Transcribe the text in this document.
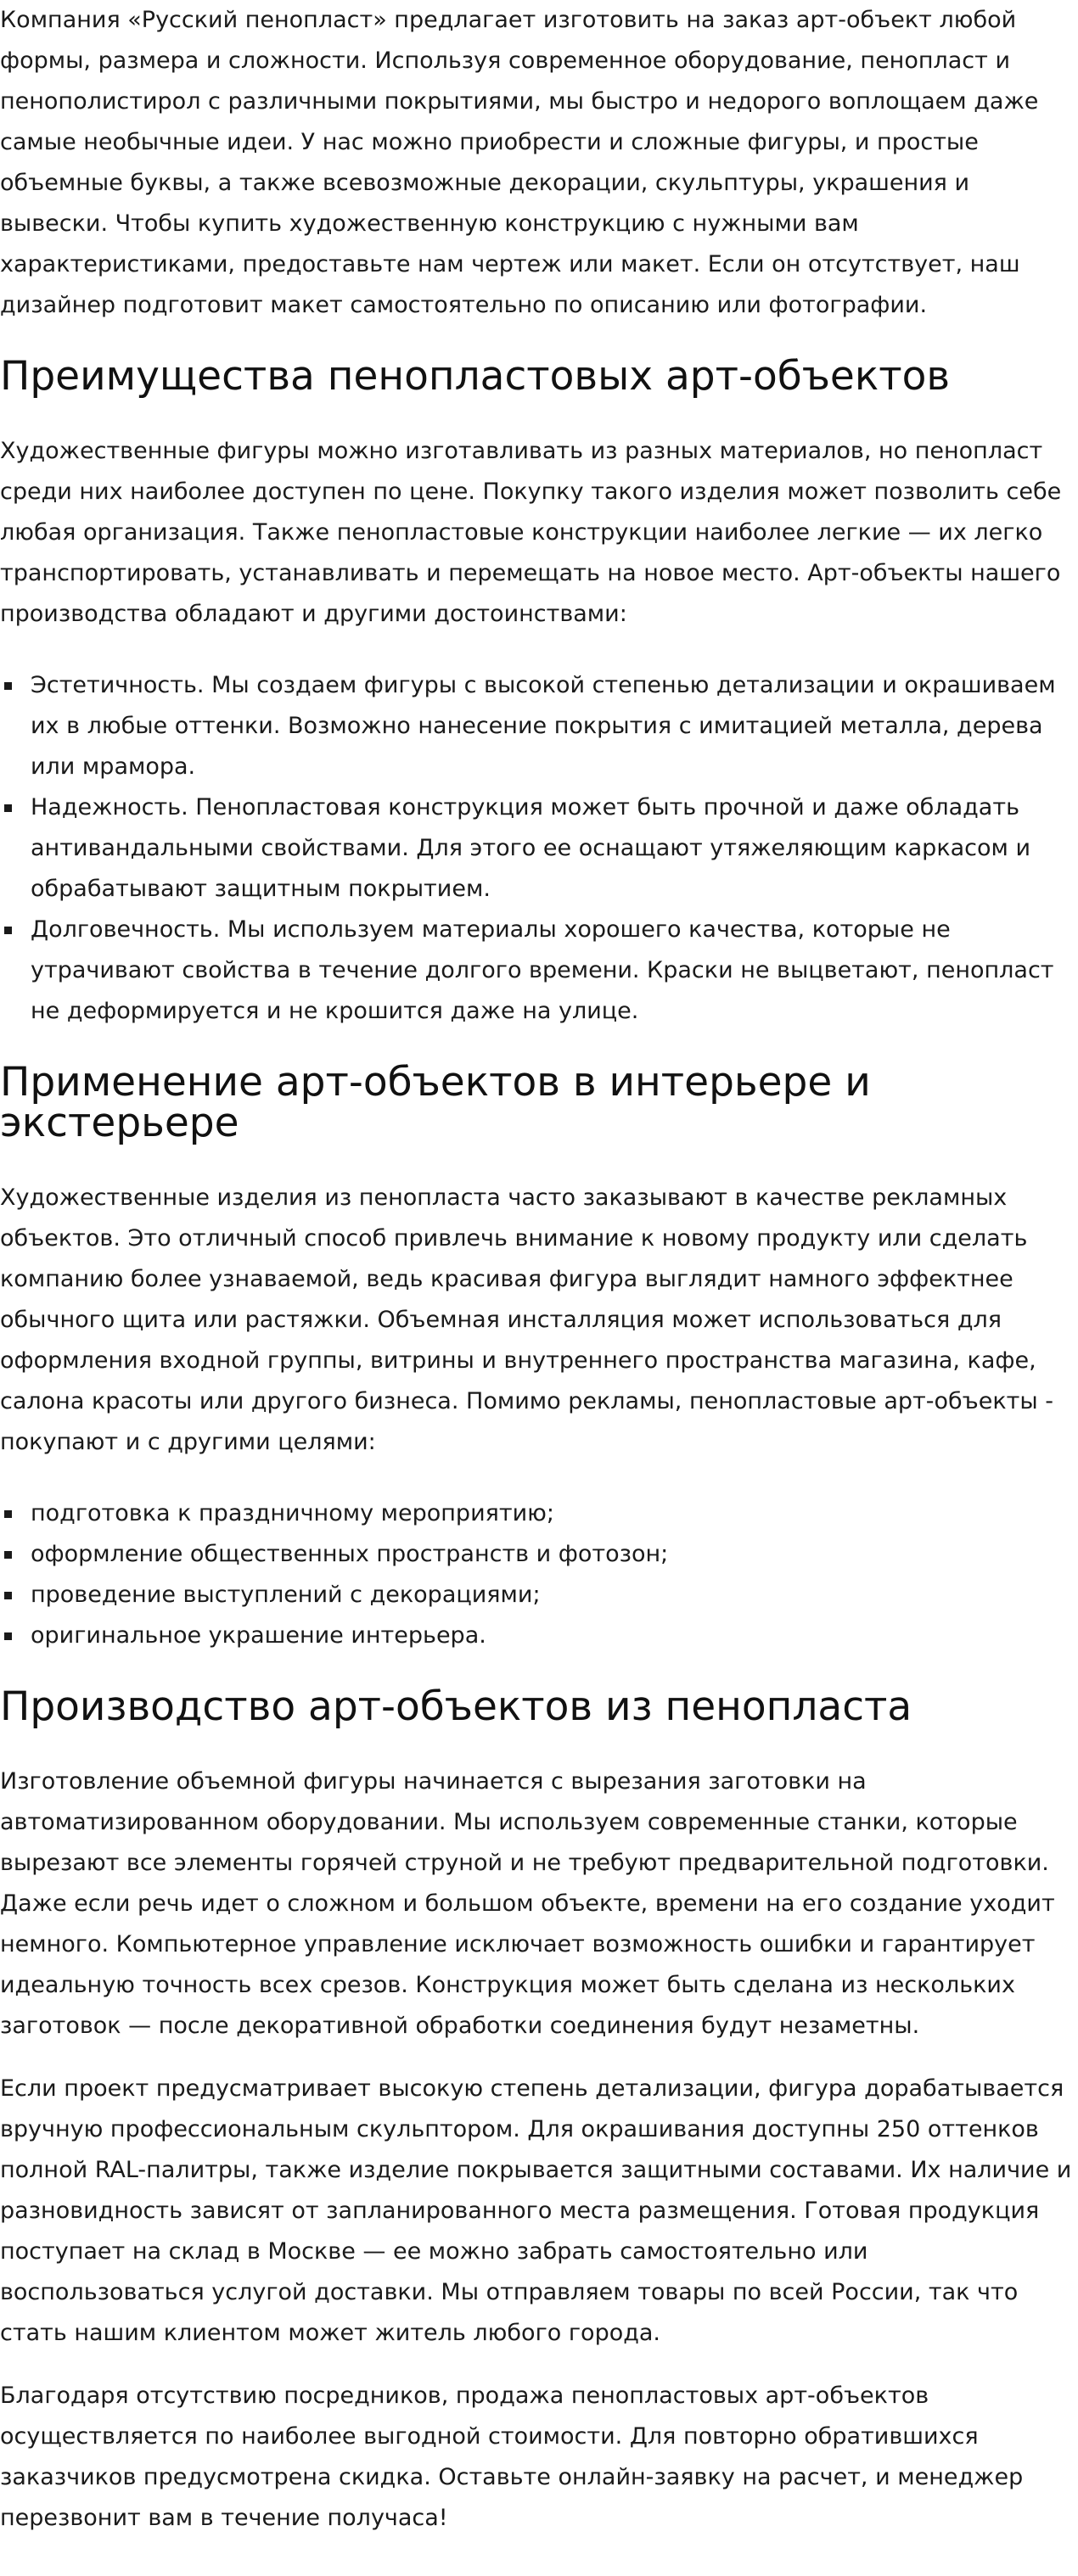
Компания «Русский пенопласт» предлагает изготовить на заказ арт-объект любой формы, размера и сложности. Используя современное оборудование, пенопласт и пенополистирол с различными покрытиями, мы быстро и недорого воплощаем даже самые необычные идеи. У нас можно приобрести и сложные фигуры, и простые объемные буквы, а также всевозможные декорации, скульптуры, украшения и вывески. Чтобы купить художественную конструкцию с нужными вам характеристиками, предоставьте нам чертеж или макет. Если он отсутствует, наш дизайнер подготовит макет самостоятельно по описанию или фотографии.

Преимущества пенопластовых арт-объектов

Художественные фигуры можно изготавливать из разных материалов, но пенопласт среди них наиболее доступен по цене. Покупку такого изделия может позволить себе любая организация. Также пенопластовые конструкции наиболее легкие — их легко транспортировать, устанавливать и перемещать на новое место. Арт-объекты нашего производства обладают и другими достоинствами:

Эстетичность. Мы создаем фигуры с высокой степенью детализации и окрашиваем их в любые оттенки. Возможно нанесение покрытия с имитацией металла, дерева или мрамора.
Надежность. Пенопластовая конструкция может быть прочной и даже обладать антивандальными свойствами. Для этого ее оснащают утяжеляющим каркасом и обрабатывают защитным покрытием.
Долговечность. Мы используем материалы хорошего качества, которые не утрачивают свойства в течение долгого времени. Краски не выцветают, пенопласт не деформируется и не крошится даже на улице.
Применение арт-объектов в интерьере и экстерьере

Художественные изделия из пенопласта часто заказывают в качестве рекламных объектов. Это отличный способ привлечь внимание к новому продукту или сделать компанию более узнаваемой, ведь красивая фигура выглядит намного эффектнее обычного щита или растяжки. Объемная инсталляция может использоваться для оформления входной группы, витрины и внутреннего пространства магазина, кафе, салона красоты или другого бизнеса. Помимо рекламы, пенопластовые арт-объекты - покупают и с другими целями:

подготовка к праздничному мероприятию;
оформление общественных пространств и фотозон;
проведение выступлений с декорациями;
оригинальное украшение интерьера.
Производство арт-объектов из пенопласта

Изготовление объемной фигуры начинается с вырезания заготовки на автоматизированном оборудовании. Мы используем современные станки, которые вырезают все элементы горячей струной и не требуют предварительной подготовки. Даже если речь идет о сложном и большом объекте, времени на его создание уходит немного. Компьютерное управление исключает возможность ошибки и гарантирует идеальную точность всех срезов. Конструкция может быть сделана из нескольких заготовок — после декоративной обработки соединения будут незаметны.

Если проект предусматривает высокую степень детализации, фигура дорабатывается вручную профессиональным скульптором. Для окрашивания доступны 250 оттенков полной RAL-палитры, также изделие покрывается защитными составами. Их наличие и разновидность зависят от запланированного места размещения. Готовая продукция поступает на склад в Москве — ее можно забрать самостоятельно или воспользоваться услугой доставки. Мы отправляем товары по всей России, так что стать нашим клиентом может житель любого города.

Благодаря отсутствию посредников, продажа пенопластовых арт-объектов осуществляется по наиболее выгодной стоимости. Для повторно обратившихся заказчиков предусмотрена скидка. Оставьте онлайн-заявку на расчет, и менеджер перезвонит вам в течение получаса!
